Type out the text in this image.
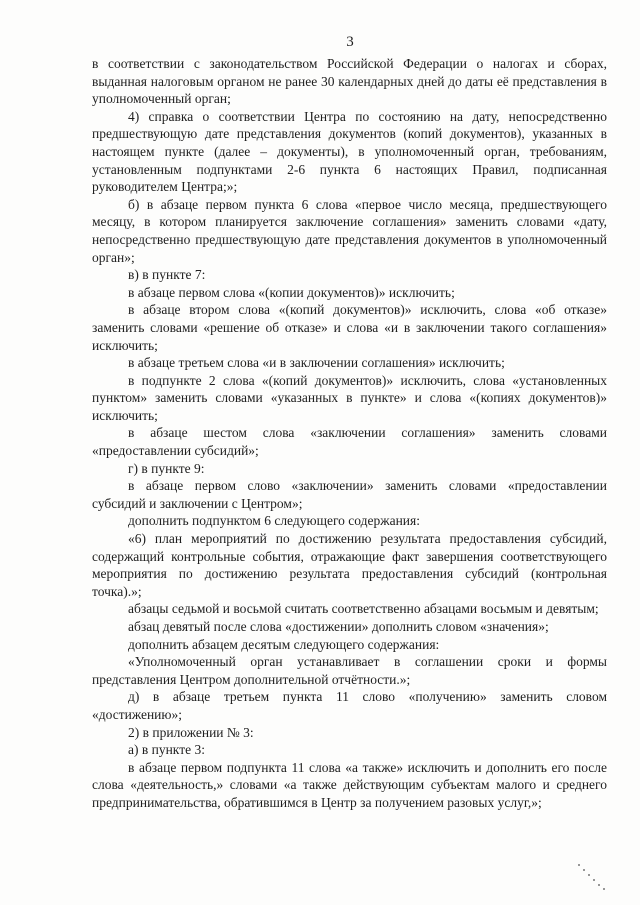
3

в соответствии с законодательством Российской Федерации о налогах и сборах, выданная налоговым органом не ранее 30 календарных дней до даты её представления в уполномоченный орган;

4) справка о соответствии Центра по состоянию на дату, непосредственно предшествующую дате представления документов (копий документов), указанных в настоящем пункте (далее – документы), в уполномоченный орган, требованиям, установленным подпунктами 2-6 пункта 6 настоящих Правил, подписанная руководителем Центра;»;

б) в абзаце первом пункта 6 слова «первое число месяца, предшествующего месяцу, в котором планируется заключение соглашения» заменить словами «дату, непосредственно предшествующую дате представления документов в уполномоченный орган»;

в) в пункте 7:

в абзаце первом слова «(копии документов)» исключить;

в абзаце втором слова «(копий документов)» исключить, слова «об отказе» заменить словами «решение об отказе» и слова «и в заключении такого соглашения» исключить;

в абзаце третьем слова «и в заключении соглашения» исключить;

в подпункте 2 слова «(копий документов)» исключить, слова «установленных пунктом» заменить словами «указанных в пункте» и слова «(копиях документов)» исключить;

в абзаце шестом слова «заключении соглашения» заменить словами «предоставлении субсидий»;

г) в пункте 9:

в абзаце первом слово «заключении» заменить словами «предоставлении субсидий и заключении с Центром»;

дополнить подпунктом 6 следующего содержания:

«6) план мероприятий по достижению результата предоставления субсидий, содержащий контрольные события, отражающие факт завершения соответствующего мероприятия по достижению результата предоставления субсидий (контрольная точка).»;

абзацы седьмой и восьмой считать соответственно абзацами восьмым и девятым;

абзац девятый после слова «достижении» дополнить словом «значения»;

дополнить абзацем десятым следующего содержания:

«Уполномоченный орган устанавливает в соглашении сроки и формы представления Центром дополнительной отчётности.»;

д) в абзаце третьем пункта 11 слово «получению» заменить словом «достижению»;

2) в приложении № 3:

а) в пункте 3:

в абзаце первом подпункта 11 слова «а также» исключить и дополнить его после слова «деятельность,» словами «а также действующим субъектам малого и среднего предпринимательства, обратившимся в Центр за получением разовых услуг,»;
